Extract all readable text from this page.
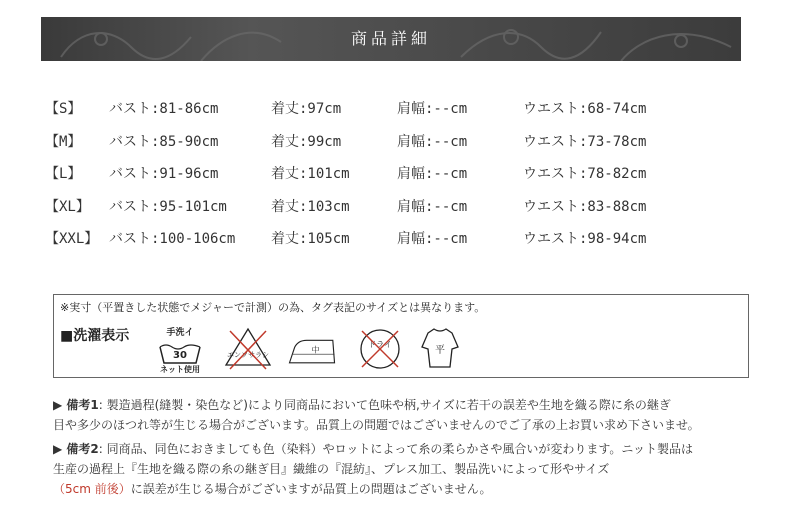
商品詳細
【S】 バスト:81-86cm	着丈:97cm	肩幅:--cm	ウエスト:68-74cm
【M】 バスト:85-90cm	着丈:99cm	肩幅:--cm	ウエスト:73-78cm
【L】 バスト:91-96cm	着丈:101cm	肩幅:--cm	ウエスト:78-82cm
【XL】 バスト:95-101cm	着丈:103cm	肩幅:--cm	ウエスト:83-88cm
【XXL】 バスト:100-106cm	着丈:105cm	肩幅:--cm	ウエスト:98-94cm
※実寸（平置きした状態でメジャーで計測）の為、タグ表記のサイズとは異なります。
■洗濯表示	手洗イ
30
ネット使用
エンソサラシ
中
ドライ
平
▶ 備考1: 製造過程(縫製・染色など)により同商品において色味や柄,サイズに若干の誤差や生地を織る際に糸の継ぎ
目や多少のほつれ等が生じる場合がございます。品質上の問題ではございませんのでご了承の上お買い求め下さいませ。
▶ 備考2: 同商品、同色におきましても色（染料）やロットによって糸の柔らかさや風合いが変わります。ニット製品は
生産の過程上『生地を織る際の糸の継ぎ目』繊維の『混紡』、プレス加工、製品洗いによって形やサイズ
（5cm 前後）に誤差が生じる場合がございますが品質上の問題はございません。
